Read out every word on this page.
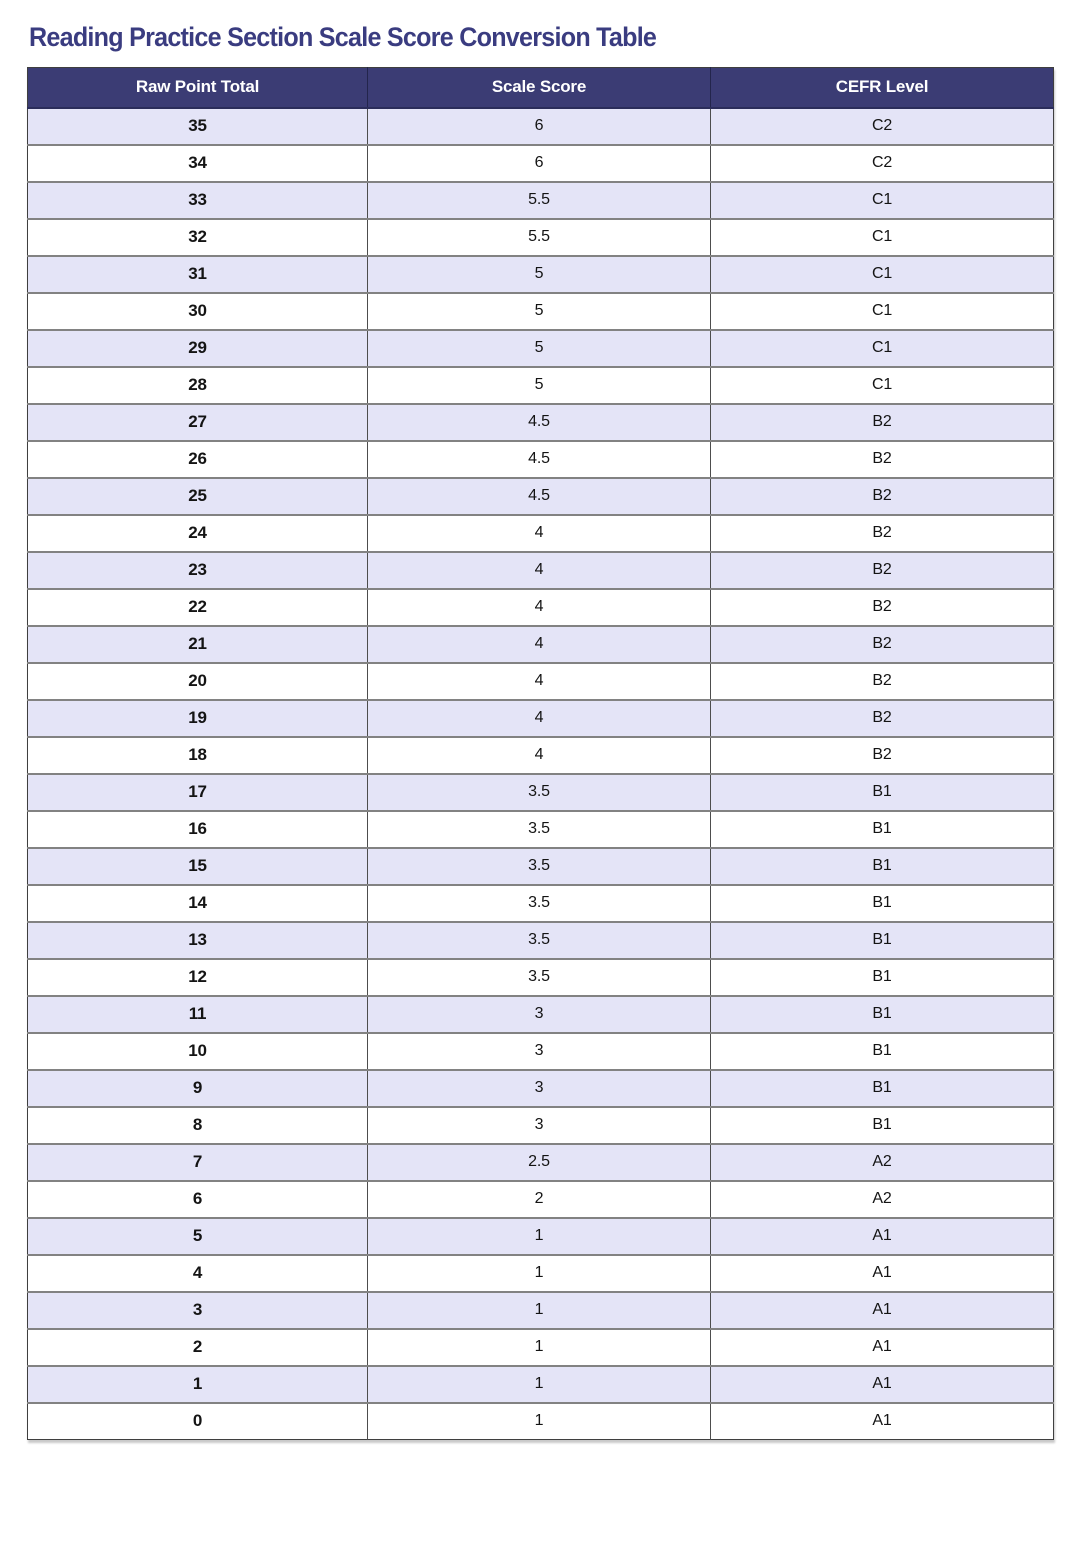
Reading Practice Section Scale Score Conversion Table
Raw Point Total	Scale Score	CEFR Level
35	6	C2
34	6	C2
33	5.5	C1
32	5.5	C1
31	5	C1
30	5	C1
29	5	C1
28	5	C1
27	4.5	B2
26	4.5	B2
25	4.5	B2
24	4	B2
23	4	B2
22	4	B2
21	4	B2
20	4	B2
19	4	B2
18	4	B2
17	3.5	B1
16	3.5	B1
15	3.5	B1
14	3.5	B1
13	3.5	B1
12	3.5	B1
11	3	B1
10	3	B1
9	3	B1
8	3	B1
7	2.5	A2
6	2	A2
5	1	A1
4	1	A1
3	1	A1
2	1	A1
1	1	A1
0	1	A1
